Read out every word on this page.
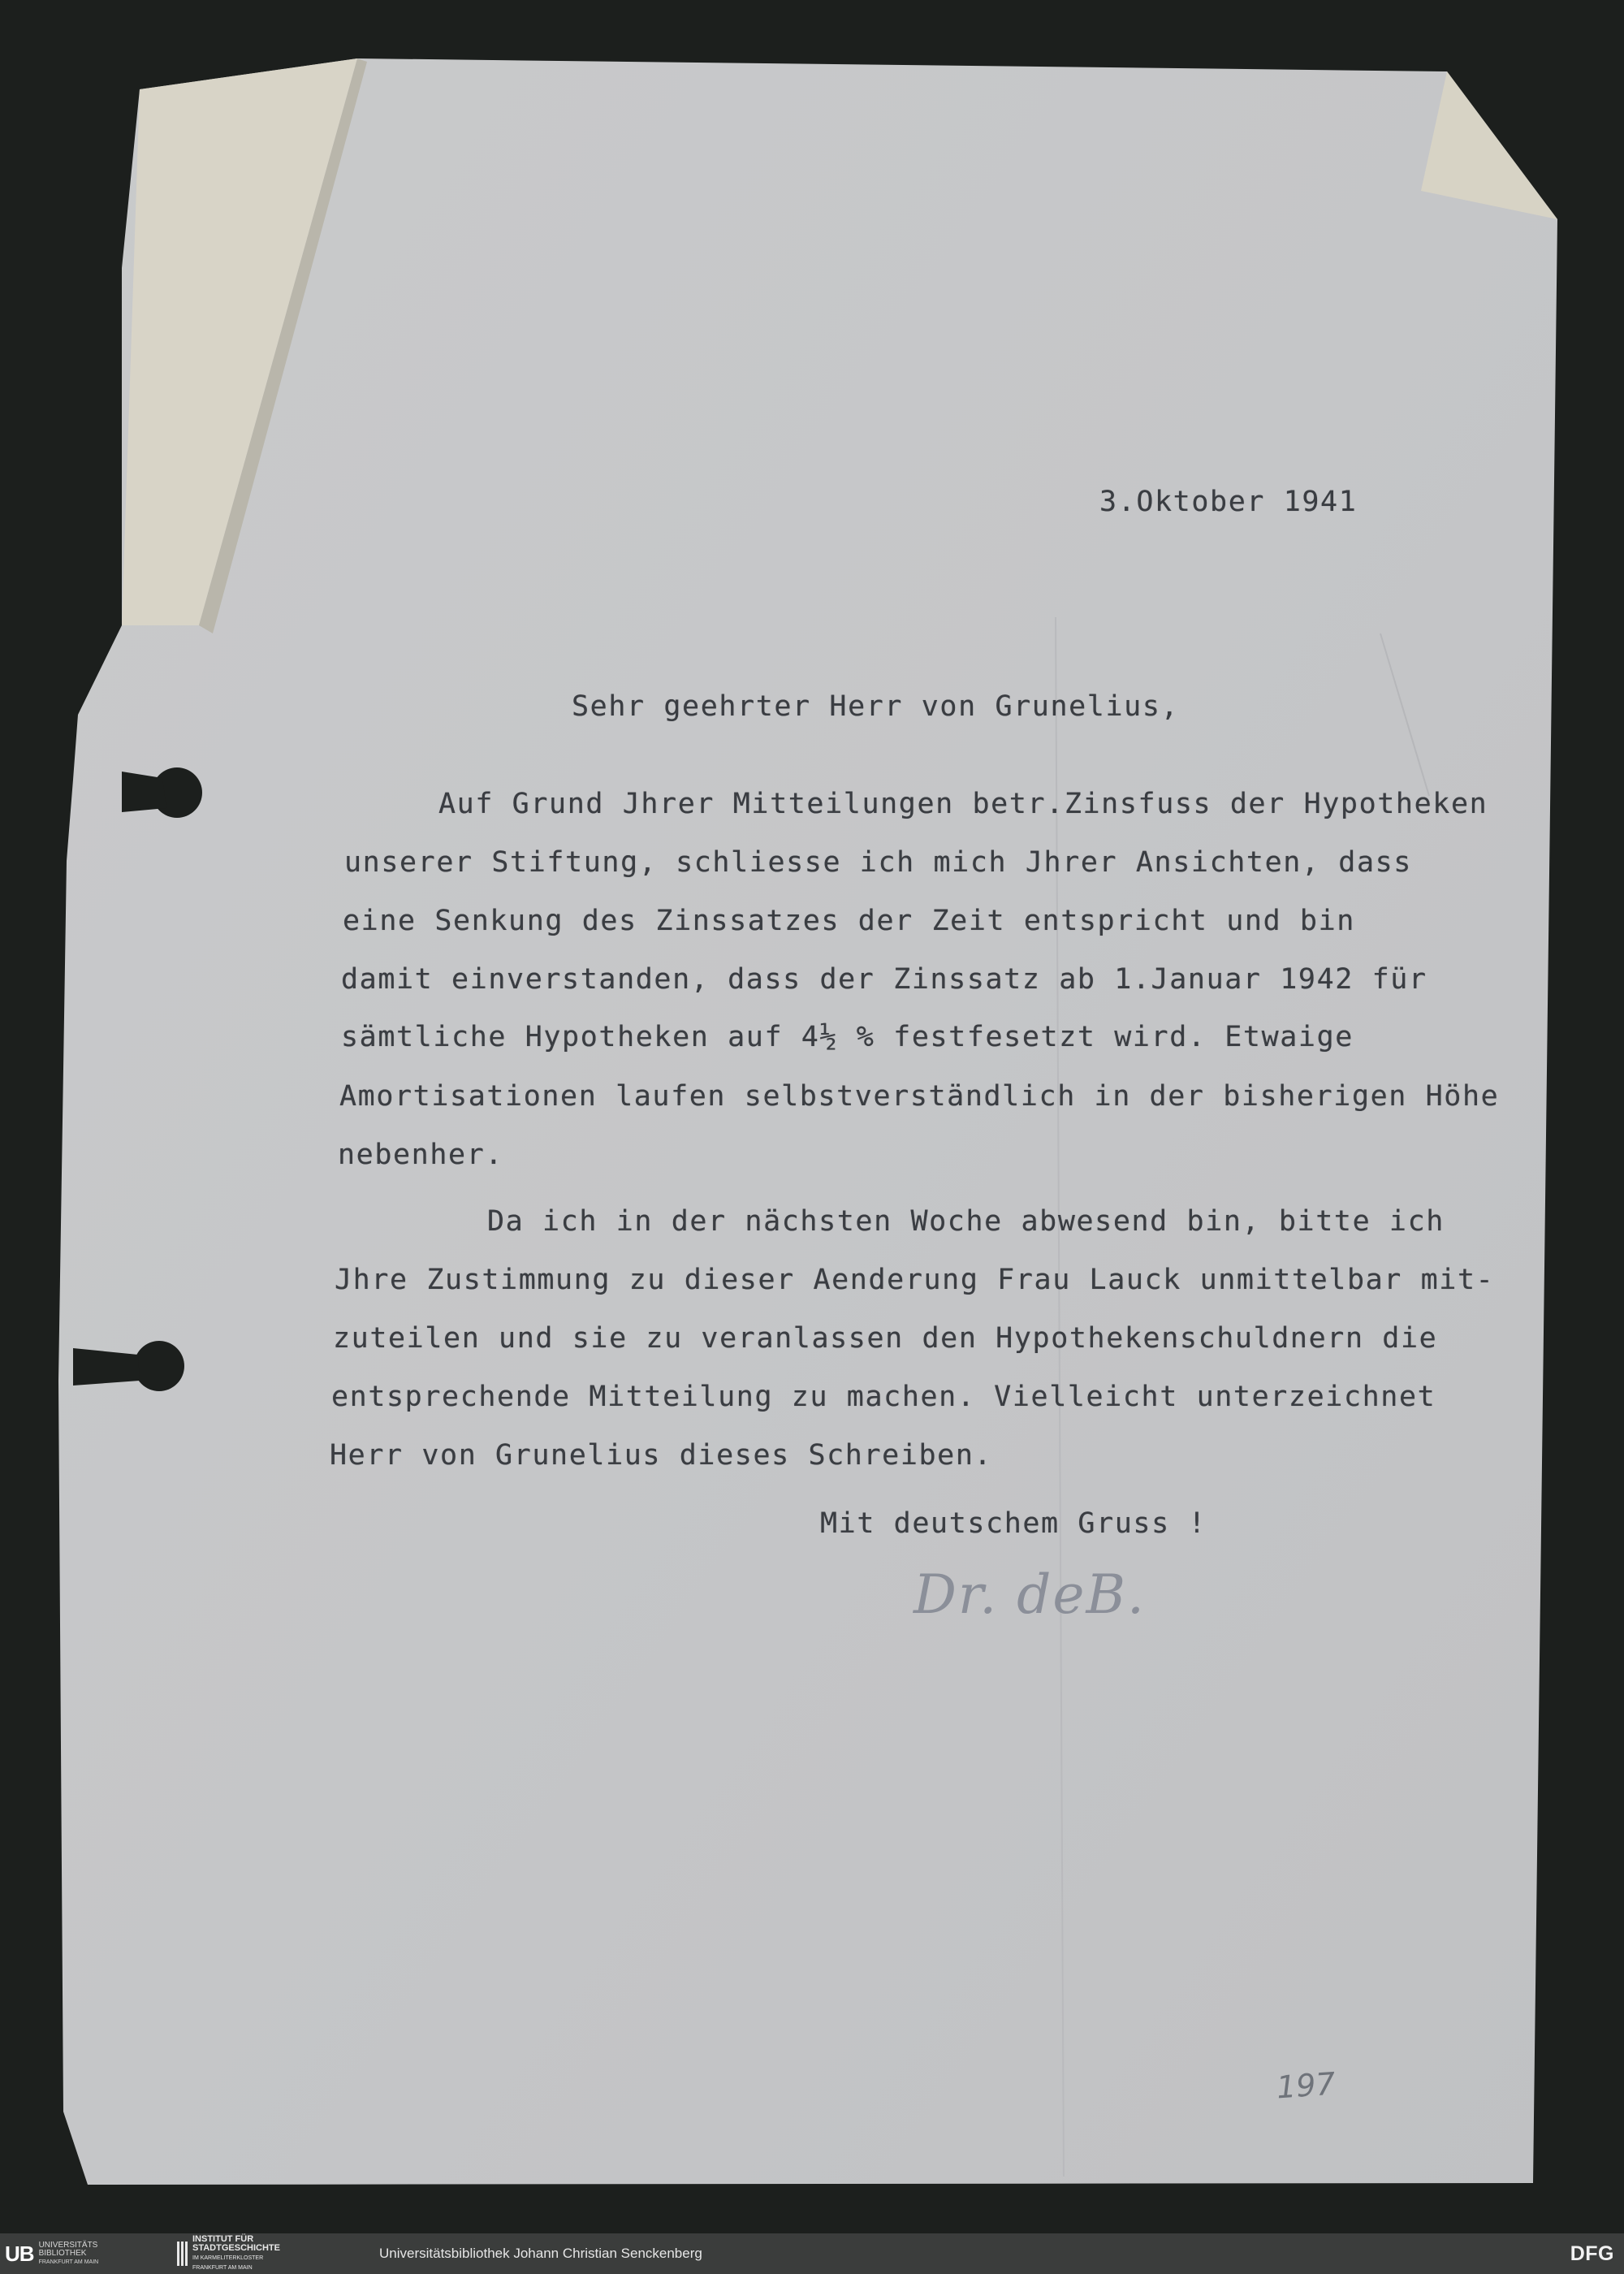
3.Oktober 1941

Sehr geehrter Herr von Grunelius,

Auf Grund Jhrer Mitteilungen betr.Zinsfuss der Hypotheken

unserer Stiftung, schliesse ich mich Jhrer Ansichten, dass

eine Senkung des Zinssatzes der Zeit entspricht und bin

damit einverstanden, dass der Zinssatz ab 1.Januar 1942 für

sämtliche Hypotheken auf 4½ % festfesetzt wird. Etwaige

Amortisationen laufen selbstverständlich in der bisherigen Höhe

nebenher.

Da ich in der nächsten Woche abwesend bin, bitte ich

Jhre Zustimmung zu dieser Aenderung Frau Lauck unmittelbar mit-

zuteilen und sie zu veranlassen den Hypothekenschuldnern die

entsprechende Mitteilung zu machen. Vielleicht unterzeichnet

Herr von Grunelius dieses Schreiben.

Mit deutschem Gruss !

Dr. deB.

197

UB UNIVERSITÄTS
BIBLIOTHEK
FRANKFURT AM MAIN
INSTITUT FÜR
STADTGESCHICHTE
IM KARMELITERKLOSTER
FRANKFURT AM MAIN

Universitätsbibliothek Johann Christian Senckenberg	DFG
